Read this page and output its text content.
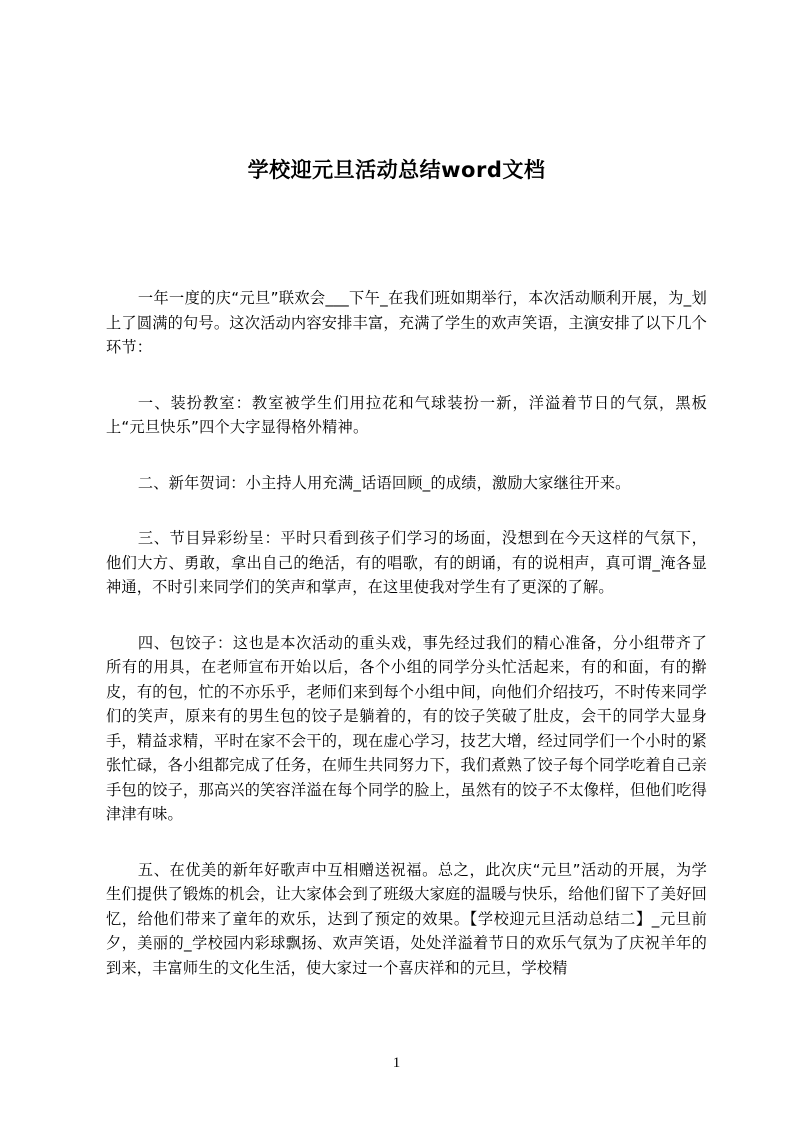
学校迎元旦活动总结word文档

一年一度的庆“元旦”联欢会___下午_在我们班如期举行，本次活动顺利开展，为_划上了圆满的句号。这次活动内容安排丰富，充满了学生的欢声笑语，主演安排了以下几个环节：

一、装扮教室：教室被学生们用拉花和气球装扮一新，洋溢着节日的气氛，黑板上“元旦快乐”四个大字显得格外精神。

二、新年贺词：小主持人用充满_话语回顾_的成绩，激励大家继往开来。

三、节目异彩纷呈：平时只看到孩子们学习的场面，没想到在今天这样的气氛下，他们大方、勇敢，拿出自己的绝活，有的唱歌，有的朗诵，有的说相声，真可谓_淹各显神通，不时引来同学们的笑声和掌声，在这里使我对学生有了更深的了解。

四、包饺子：这也是本次活动的重头戏，事先经过我们的精心准备，分小组带齐了所有的用具，在老师宣布开始以后，各个小组的同学分头忙活起来，有的和面，有的擀皮，有的包，忙的不亦乐乎，老师们来到每个小组中间，向他们介绍技巧，不时传来同学们的笑声，原来有的男生包的饺子是躺着的，有的饺子笑破了肚皮，会干的同学大显身手，精益求精，平时在家不会干的，现在虚心学习，技艺大增，经过同学们一个小时的紧张忙碌，各小组都完成了任务，在师生共同努力下，我们煮熟了饺子每个同学吃着自己亲手包的饺子，那高兴的笑容洋溢在每个同学的脸上，虽然有的饺子不太像样，但他们吃得津津有味。

五、在优美的新年好歌声中互相赠送祝福。总之，此次庆“元旦”活动的开展，为学生们提供了锻炼的机会，让大家体会到了班级大家庭的温暖与快乐，给他们留下了美好回忆，给他们带来了童年的欢乐，达到了预定的效果。【学校迎元旦活动总结二】_元旦前夕，美丽的_学校园内彩球飘扬、欢声笑语，处处洋溢着节日的欢乐气氛为了庆祝羊年的到来，丰富师生的文化生活，使大家过一个喜庆祥和的元旦，学校精

1
